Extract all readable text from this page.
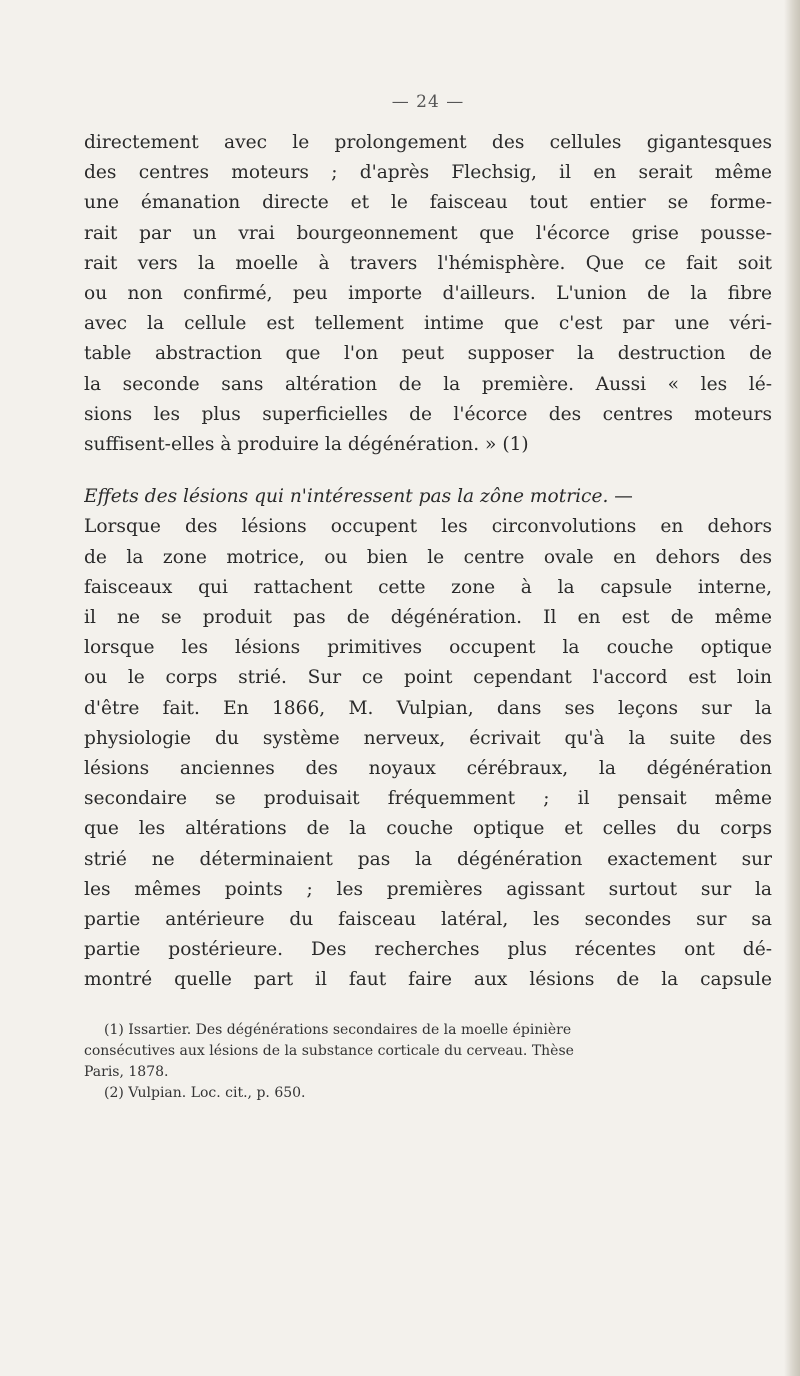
— 24 —

directement avec le prolongement des cellules gigantesques
des centres moteurs ; d'après Flechsig, il en serait même
une émanation directe et le faisceau tout entier se forme-
rait par un vrai bourgeonnement que l'écorce grise pousse-
rait vers la moelle à travers l'hémisphère. Que ce fait soit
ou non confirmé, peu importe d'ailleurs. L'union de la fibre
avec la cellule est tellement intime que c'est par une véri-
table abstraction que l'on peut supposer la destruction de
la seconde sans altération de la première. Aussi « les lé-
sions les plus superficielles de l'écorce des centres moteurs
suffisent-elles à produire la dégénération. » (1)

Effets des lésions qui n'intéressent pas la zône motrice. —
Lorsque des lésions occupent les circonvolutions en dehors
de la zone motrice, ou bien le centre ovale en dehors des
faisceaux qui rattachent cette zone à la capsule interne,
il ne se produit pas de dégénération. Il en est de même
lorsque les lésions primitives occupent la couche optique
ou le corps strié. Sur ce point cependant l'accord est loin
d'être fait. En 1866, M. Vulpian, dans ses leçons sur la
physiologie du système nerveux, écrivait qu'à la suite des
lésions anciennes des noyaux cérébraux, la dégénération
secondaire se produisait fréquemment ; il pensait même
que les altérations de la couche optique et celles du corps
strié ne déterminaient pas la dégénération exactement sur
les mêmes points ; les premières agissant surtout sur la
partie antérieure du faisceau latéral, les secondes sur sa
partie postérieure. Des recherches plus récentes ont dé-
montré quelle part il faut faire aux lésions de la capsule

(1) Issartier. Des dégénérations secondaires de la moelle épinière
consécutives aux lésions de la substance corticale du cerveau. Thèse
Paris, 1878.

(2) Vulpian. Loc. cit., p. 650.
